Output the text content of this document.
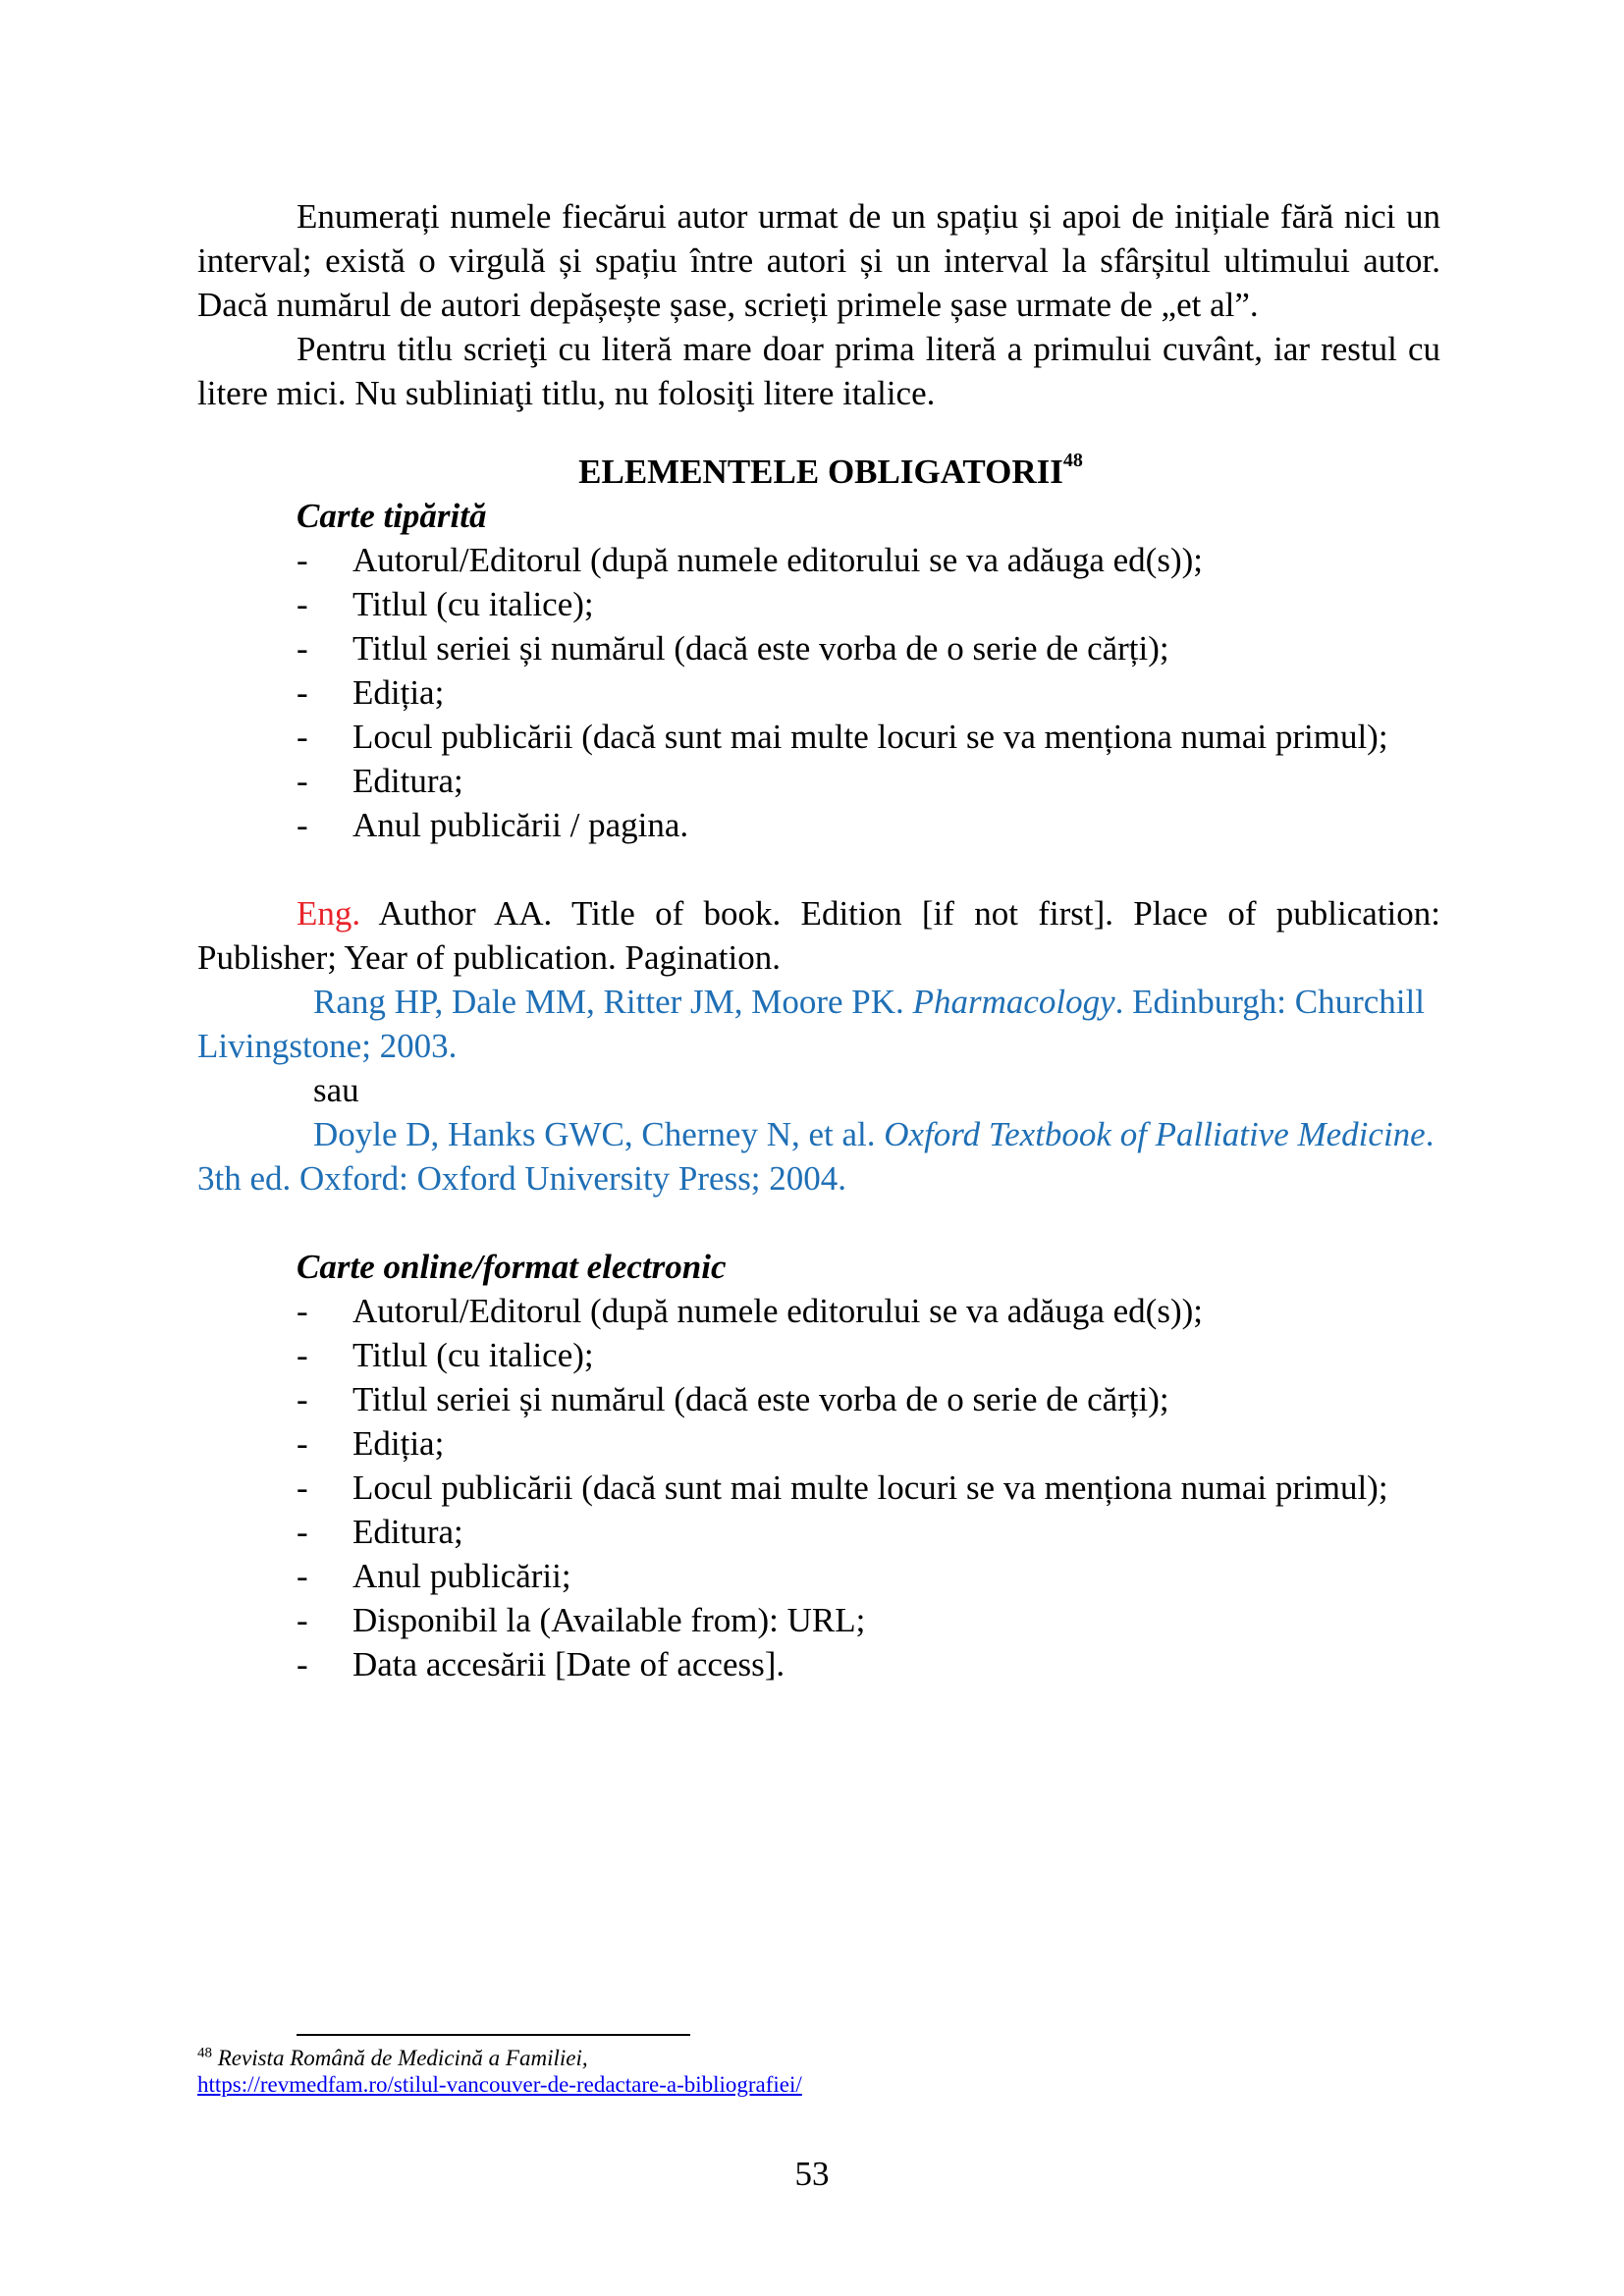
Enumerați numele fiecărui autor urmat de un spațiu și apoi de inițiale fără nici un interval; există o virgulă și spațiu între autori și un interval la sfârșitul ultimului autor. Dacă numărul de autori depășește șase, scrieți primele șase urmate de „et al”.

Pentru titlu scrieţi cu literă mare doar prima literă a primului cuvânt, iar restul cu litere mici. Nu subliniaţi titlu, nu folosiţi litere italice.

ELEMENTELE OBLIGATORII$^{48}$

Carte tipărită

- Autorul/Editorul (după numele editorului se va adăuga ed(s));
- Titlul (cu italice);
- Titlul seriei și numărul (dacă este vorba de o serie de cărți);
- Ediția;
- Locul publicării (dacă sunt mai multe locuri se va menționa numai primul);
- Editura;
- Anul publicării / pagina.

Eng. Author AA. Title of book. Edition [if not first]. Place of publication: Publisher; Year of publication. Pagination.

Rang HP, Dale MM, Ritter JM, Moore PK. Pharmacology. Edinburgh: Churchill Livingstone; 2003.

sau

Doyle D, Hanks GWC, Cherney N, et al. Oxford Textbook of Palliative Medicine. 3th ed. Oxford: Oxford University Press; 2004.

Carte online/format electronic

- Autorul/Editorul (după numele editorului se va adăuga ed(s));
- Titlul (cu italice);
- Titlul seriei și numărul (dacă este vorba de o serie de cărți);
- Ediția;
- Locul publicării (dacă sunt mai multe locuri se va menționa numai primul);
- Editura;
- Anul publicării;
- Disponibil la (Available from): URL;
- Data accesării [Date of access].
$^{48}$ Revista Română de Medicină a Familiei,
https://revmedfam.ro/stilul-vancouver-de-redactare-a-bibliografiei/
53
